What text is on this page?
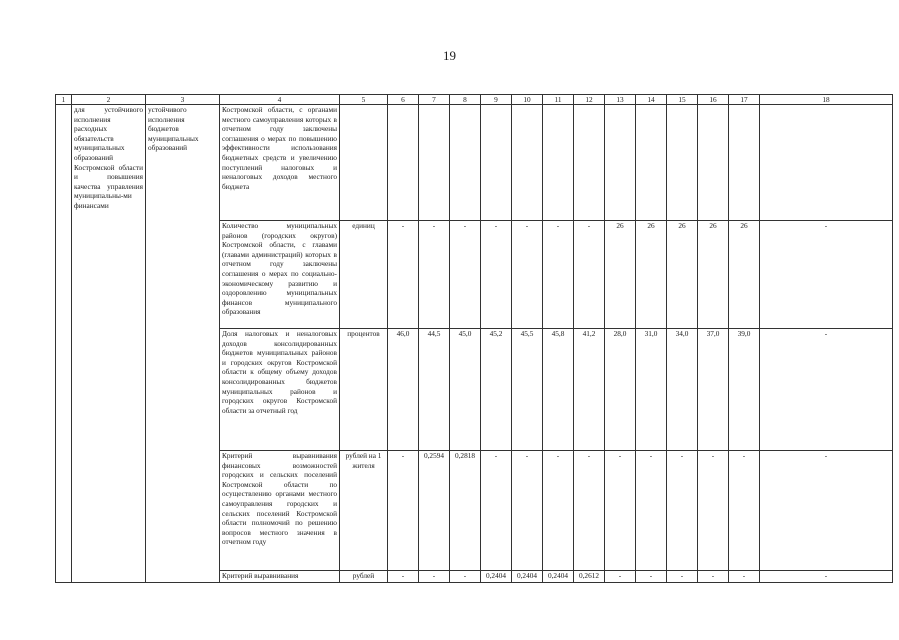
19
1	2	3	4	5	6	7	8	9	10	11	12	13	14	15	16	17	18
	для устойчивого исполнения расходных обязательств муниципальных образований Костромской области и повышения качества управления муниципальны-ми финансами	устойчивого исполнения бюджетов муниципальных образований	Костромской области, с органами местного самоуправления которых в отчетном году заключены соглашения о мерах по повышению эффективности использования бюджетных средств и увеличению поступлений налоговых и неналоговых доходов местного бюджета														
			Количество муниципальных районов (городских округов) Костромской области, с главами (главами администраций) которых в отчетном году заключены соглашения о мерах по социально-экономическому развитию и оздоровлению муниципальных финансов муниципального образования	единиц	-	-	-	-	-	-	-	26	26	26	26	26	-
			Доля налоговых и неналоговых доходов консолидированных бюджетов муниципальных районов и городских округов Костромской области к общему объему доходов консолидированных бюджетов муниципальных районов и городских округов Костромской области за отчетный год	процентов	46,0	44,5	45,0	45,2	45,5	45,8	41,2	28,0	31,0	34,0	37,0	39,0	-
			Критерий выравнивания финансовых возможностей городских и сельских поселений Костромской области по осуществлению органами местного самоуправления городских и сельских поселений Костромской области полномочий по решению вопросов местного значения в отчетном году	рублей на 1 жителя	-	0,2594	0,2818	-	-	-	-	-	-	-	-	-	-
			Критерий выравнивания	рублей	-	-	-	0,2404	0,2404	0,2404	0,2612	-	-	-	-	-	-
